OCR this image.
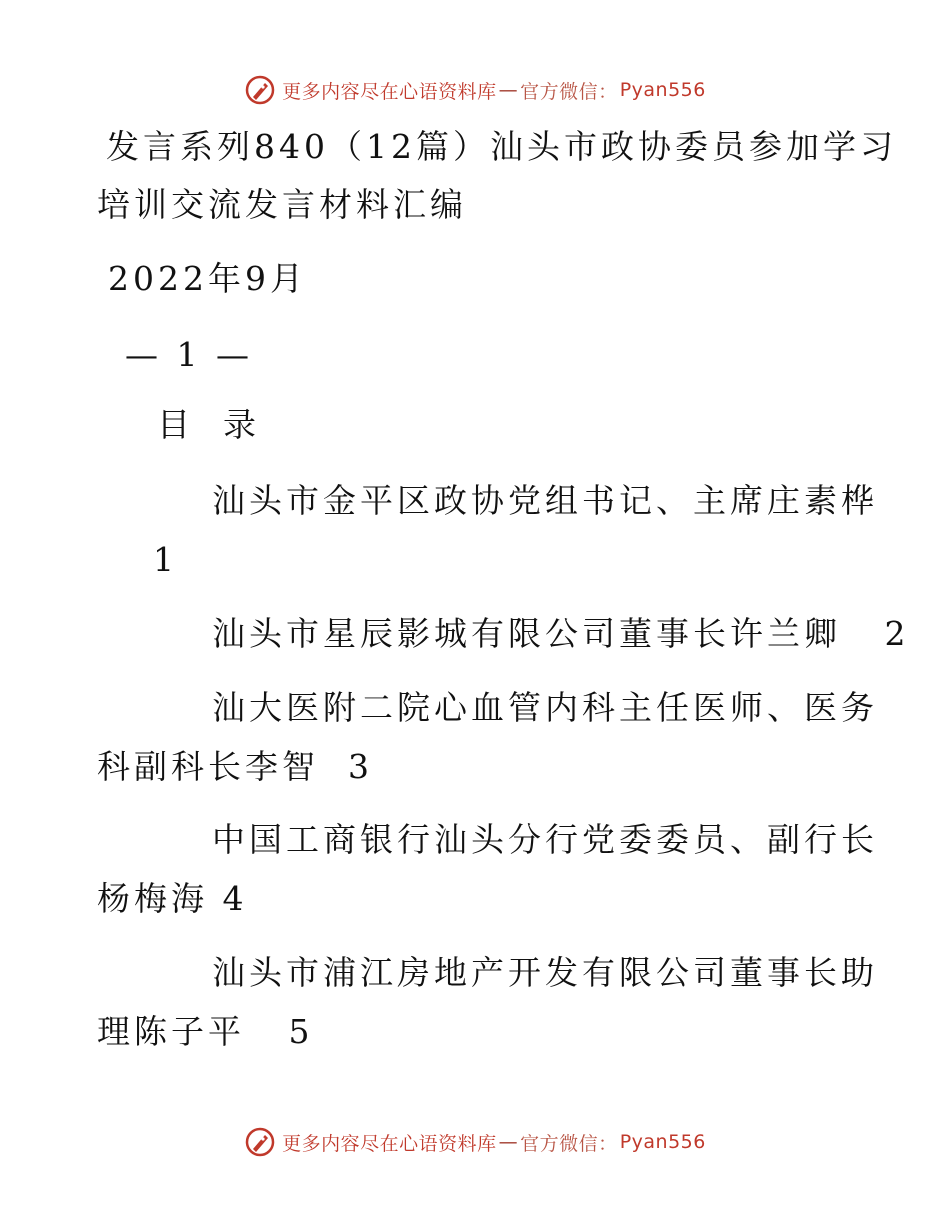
更多内容尽在心语资料库 — 官方微信： Pyan556
发言系列840（12篇）汕头市政协委员参加学习
培训交流发言材料汇编
2022年9月
— 1 —
目  录
汕头市金平区政协党组书记、主席庄素桦
1
汕头市星辰影城有限公司董事长许兰卿   2
汕大医附二院心血管内科主任医师、医务
科副科长李智  3
中国工商银行汕头分行党委委员、副行长
杨梅海 4
汕头市浦江房地产开发有限公司董事长助
理陈子平   5
更多内容尽在心语资料库 — 官方微信： Pyan556
